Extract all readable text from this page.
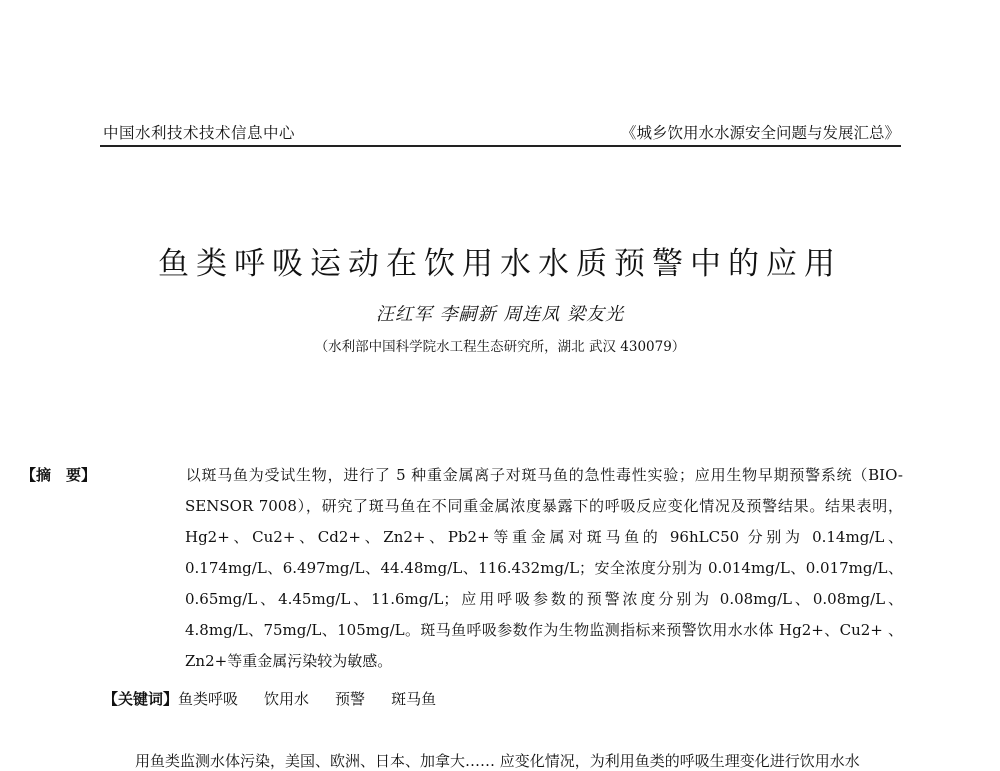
中国水利技术技术信息中心	《城乡饮用水水源安全问题与发展汇总》
鱼类呼吸运动在饮用水水质预警中的应用
汪红军 李嗣新 周连凤 梁友光
（水利部中国科学院水工程生态研究所，湖北 武汉 430079）

【摘　要】	以斑马鱼为受试生物，进行了 5 种重金属离子对斑马鱼的急性毒性实验；应用生物早期预警系统（BIO-SENSOR 7008），研究了斑马鱼在不同重金属浓度暴露下的呼吸反应变化情况及预警结果。结果表明，Hg2+、Cu2+、Cd2+、Zn2+、Pb2+等重金属对斑马鱼的 96hLC50 分别为 0.14mg/L、0.174mg/L、6.497mg/L、44.48mg/L、116.432mg/L；安全浓度分别为 0.014mg/L、0.017mg/L、0.65mg/L、4.45mg/L、11.6mg/L；应用呼吸参数的预警浓度分别为 0.08mg/L、0.08mg/L、4.8mg/L、75mg/L、105mg/L。斑马鱼呼吸参数作为生物监测指标来预警饮用水水体 Hg2+、Cu2+ 、Zn2+等重金属污染较为敏感。

【关键词】鱼类呼吸 饮用水 预警 斑马鱼
用鱼类监测水体污染，美国、欧洲、日本、加拿大…… 应变化情况，为利用鱼类的呼吸生理变化进行饮用水水
